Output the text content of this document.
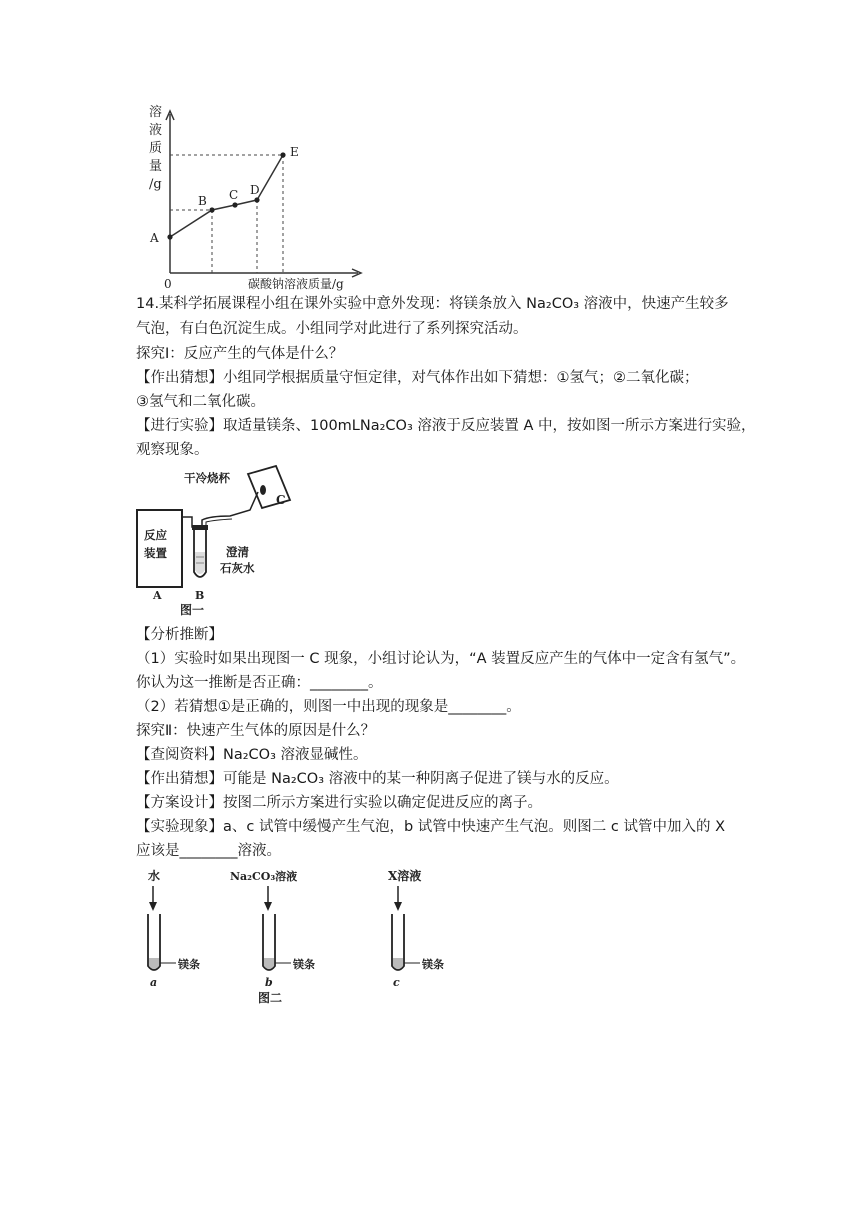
溶
液
质
量
/g
A
B C D
E
0	碳酸钠溶液质量/g
14.某科学拓展课程小组在课外实验中意外发现：将镁条放入 Na₂CO₃ 溶液中，快速产生较多
气泡，有白色沉淀生成。小组同学对此进行了系列探究活动。
探究Ⅰ：反应产生的气体是什么？
【作出猜想】小组同学根据质量守恒定律，对气体作出如下猜想：①氢气；②二氧化碳；
③氢气和二氧化碳。
【进行实验】取适量镁条、100mLNa₂CO₃ 溶液于反应装置 A 中，按如图一所示方案进行实验，
观察现象。
反应
装置
A	B
C
干冷烧杯
澄清
石灰水
图一
【分析推断】
（1）实验时如果出现图一 C 现象，小组讨论认为，“A 装置反应产生的气体中一定含有氢气”。
你认为这一推断是否正确：________。
（2）若猜想①是正确的，则图一中出现的现象是________。
探究Ⅱ：快速产生气体的原因是什么？
【查阅资料】Na₂CO₃ 溶液显碱性。
【作出猜想】可能是 Na₂CO₃ 溶液中的某一种阴离子促进了镁与水的反应。
【方案设计】按图二所示方案进行实验以确定促进反应的离子。
【实验现象】a、c 试管中缓慢产生气泡，b 试管中快速产生气泡。则图二 c 试管中加入的 X
应该是________溶液。
水
镁条
a
Na₂CO₃溶液
镁条
b
X溶液
镁条
c
图二
